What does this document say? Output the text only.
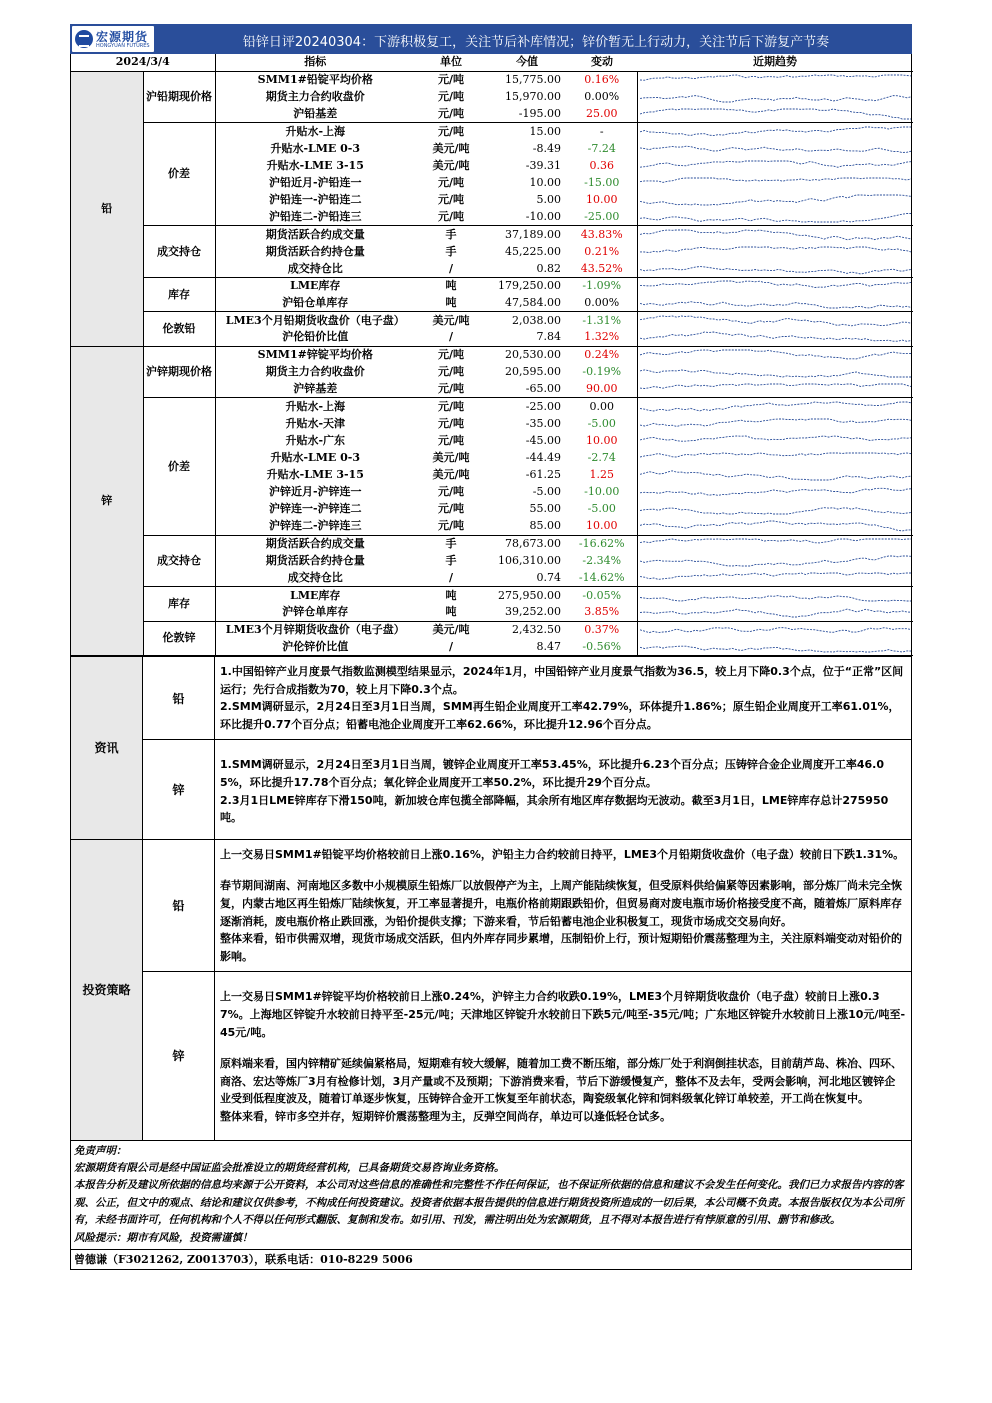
宏源期货
HONGYUAN FUTURES	铅锌日评20240304：下游积极复工，关注节后补库情况；锌价暂无上行动力，关注节后下游复产节奏
2024/3/4		指标	单位	今值	变动	近期趋势
铅	沪铅期现价格	SMM1#铅锭平均价格	元/吨	15,775.00	0.16%	

		期货主力合约收盘价	元/吨	15,970.00	0.00%	

		沪铅基差	元/吨	-195.00	25.00	

	价差	升贴水-上海	元/吨	15.00	-	

		升贴水-LME 0-3	美元/吨	-8.49	-7.24	

		升贴水-LME 3-15	美元/吨	-39.31	0.36	

		沪铅近月-沪铅连一	元/吨	10.00	-15.00	

		沪铅连一-沪铅连二	元/吨	5.00	10.00	

		沪铅连二-沪铅连三	元/吨	-10.00	-25.00	

	成交持仓	期货活跃合约成交量	手	37,189.00	43.83%	

		期货活跃合约持仓量	手	45,225.00	0.21%	

		成交持仓比	/	0.82	43.52%	

	库存	LME库存	吨	179,250.00	-1.09%	

		沪铅仓单库存	吨	47,584.00	0.00%	

	伦敦铅	LME3个月铅期货收盘价（电子盘）	美元/吨	2,038.00	-1.31%	

		沪伦铅价比值	/	7.84	1.32%	

锌	沪锌期现价格	SMM1#锌锭平均价格	元/吨	20,530.00	0.24%	

		期货主力合约收盘价	元/吨	20,595.00	-0.19%	

		沪锌基差	元/吨	-65.00	90.00	

	价差	升贴水-上海	元/吨	-25.00	0.00	

		升贴水-天津	元/吨	-35.00	-5.00	

		升贴水-广东	元/吨	-45.00	10.00	

		升贴水-LME 0-3	美元/吨	-44.49	-2.74	

		升贴水-LME 3-15	美元/吨	-61.25	1.25	

		沪锌近月-沪锌连一	元/吨	-5.00	-10.00	

		沪锌连一-沪锌连二	元/吨	55.00	-5.00	

		沪锌连二-沪锌连三	元/吨	85.00	10.00	

	成交持仓	期货活跃合约成交量	手	78,673.00	-16.62%	

		期货活跃合约持仓量	手	106,310.00	-2.34%	

		成交持仓比	/	0.74	-14.62%	

	库存	LME库存	吨	275,950.00	-0.05%	

		沪锌仓单库存	吨	39,252.00	3.85%	

	伦敦锌	LME3个月锌期货收盘价（电子盘）	美元/吨	2,432.50	0.37%	

		沪伦锌价比值	/	8.47	-0.56%	
资讯
铅

1.中国铅锌产业月度景气指数监测模型结果显示，2024年1月，中国铅锌产业月度景气指数为36.5，较上月下降0.3个点，位于“正常”区间运行；先行合成指数为70，较上月下降0.3个点。

2.SMM调研显示，2月24日至3月1日当周，SMM再生铅企业周度开工率42.79%，环体提升1.86%；原生铅企业周度开工率61.01%，环比提升0.77个百分点；铅蓄电池企业周度开工率62.66%，环比提升12.96个百分点。

锌

1.SMM调研显示，2月24日至3月1日当周，镀锌企业周度开工率53.45%，环比提升6.23个百分点；压铸锌合金企业周度开工率46.05%，环比提升17.78个百分点；氧化锌企业周度开工率50.2%，环比提升29个百分点。

2.3月1日LME锌库存下滑150吨，新加坡仓库包揽全部降幅，其余所有地区库存数据均无波动。截至3月1日，LME锌库存总计275950吨。

投资策略
铅

上一交易日SMM1#铅锭平均价格较前日上涨0.16%，沪铅主力合约较前日持平，LME3个月铅期货收盘价（电子盘）较前日下跌1.31%。

春节期间湖南、河南地区多数中小规模原生铅炼厂以放假停产为主，上周产能陆续恢复，但受原料供给偏紧等因素影响，部分炼厂尚未完全恢复，内蒙古地区再生铅炼厂陆续恢复，开工率显著提升，电瓶价格前期跟跌铅价，但贸易商对废电瓶市场价格接受度不高，随着炼厂原料库存逐渐消耗，废电瓶价格止跌回涨，为铅价提供支撑；下游来看，节后铅蓄电池企业积极复工，现货市场成交交易向好。

整体来看，铅市供需双增，现货市场成交活跃，但内外库存同步累增，压制铅价上行，预计短期铅价震荡整理为主，关注原料端变动对铅价的影响。

锌

上一交易日SMM1#锌锭平均价格较前日上涨0.24%，沪锌主力合约收跌0.19%，LME3个月锌期货收盘价（电子盘）较前日上涨0.37%。上海地区锌锭升水较前日持平至-25元/吨；天津地区锌锭升水较前日下跌5元/吨至-35元/吨；广东地区锌锭升水较前日上涨10元/吨至-45元/吨。

原料端来看，国内锌精矿延续偏紧格局，短期难有较大缓解，随着加工费不断压缩，部分炼厂处于利润倒挂状态，目前葫芦岛、株冶、四环、商洛、宏达等炼厂3月有检修计划，3月产量或不及预期；下游消费来看，节后下游缓慢复产，整体不及去年，受两会影响，河北地区镀锌企业受到低程度波及，随着订单逐步恢复，压铸锌合金开工恢复至年前状态，陶瓷级氧化锌和饲料级氧化锌订单较差，开工尚在恢复中。

整体来看，锌市多空并存，短期锌价震荡整理为主，反弹空间尚存，单边可以逢低轻仓试多。

免责声明：

宏源期货有限公司是经中国证监会批准设立的期货经营机构，已具备期货交易咨询业务资格。

本报告分析及建议所依据的信息均来源于公开资料，本公司对这些信息的准确性和完整性不作任何保证，也不保证所依据的信息和建议不会发生任何变化。我们已力求报告内容的客观、公正，但文中的观点、结论和建议仅供参考，不构成任何投资建议。投资者依据本报告提供的信息进行期货投资所造成的一切后果，本公司概不负责。本报告版权仅为本公司所有，未经书面许可，任何机构和个人不得以任何形式翻版、复制和发布。如引用、刊发，需注明出处为宏源期货，且不得对本报告进行有悖原意的引用、删节和修改。

风险提示：期市有风险，投资需谨慎！

曾德谦（F3021262, Z0013703），联系电话：010-8229 5006
